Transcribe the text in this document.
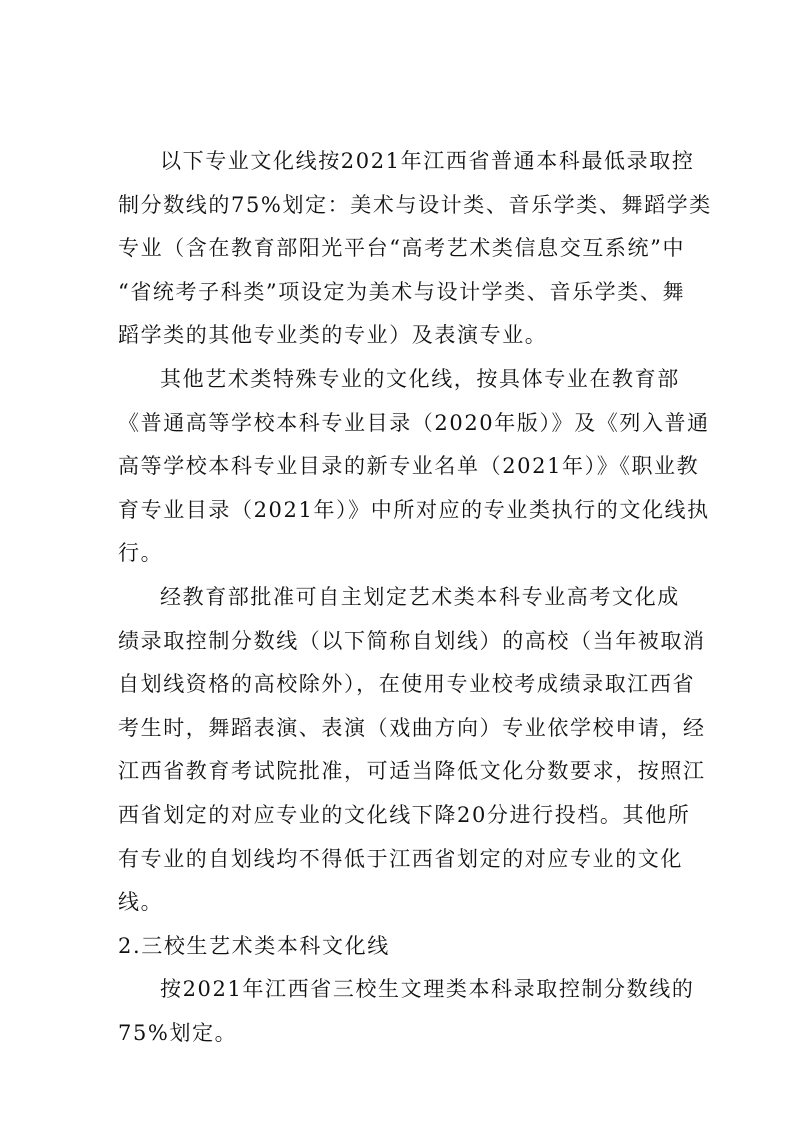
以下专业文化线按2021年江西省普通本科最低录取控
制分数线的75%划定：美术与设计类、音乐学类、舞蹈学类
专业（含在教育部阳光平台“高考艺术类信息交互系统”中
“省统考子科类”项设定为美术与设计学类、音乐学类、舞
蹈学类的其他专业类的专业）及表演专业。
其他艺术类特殊专业的文化线，按具体专业在教育部
《普通高等学校本科专业目录（2020年版）》及《列入普通
高等学校本科专业目录的新专业名单（2021年）》《职业教
育专业目录（2021年）》中所对应的专业类执行的文化线执
行。
经教育部批准可自主划定艺术类本科专业高考文化成
绩录取控制分数线（以下简称自划线）的高校（当年被取消
自划线资格的高校除外），在使用专业校考成绩录取江西省
考生时，舞蹈表演、表演（戏曲方向）专业依学校申请，经
江西省教育考试院批准，可适当降低文化分数要求，按照江
西省划定的对应专业的文化线下降20分进行投档。其他所
有专业的自划线均不得低于江西省划定的对应专业的文化
线。
2.三校生艺术类本科文化线
按2021年江西省三校生文理类本科录取控制分数线的
75%划定。
